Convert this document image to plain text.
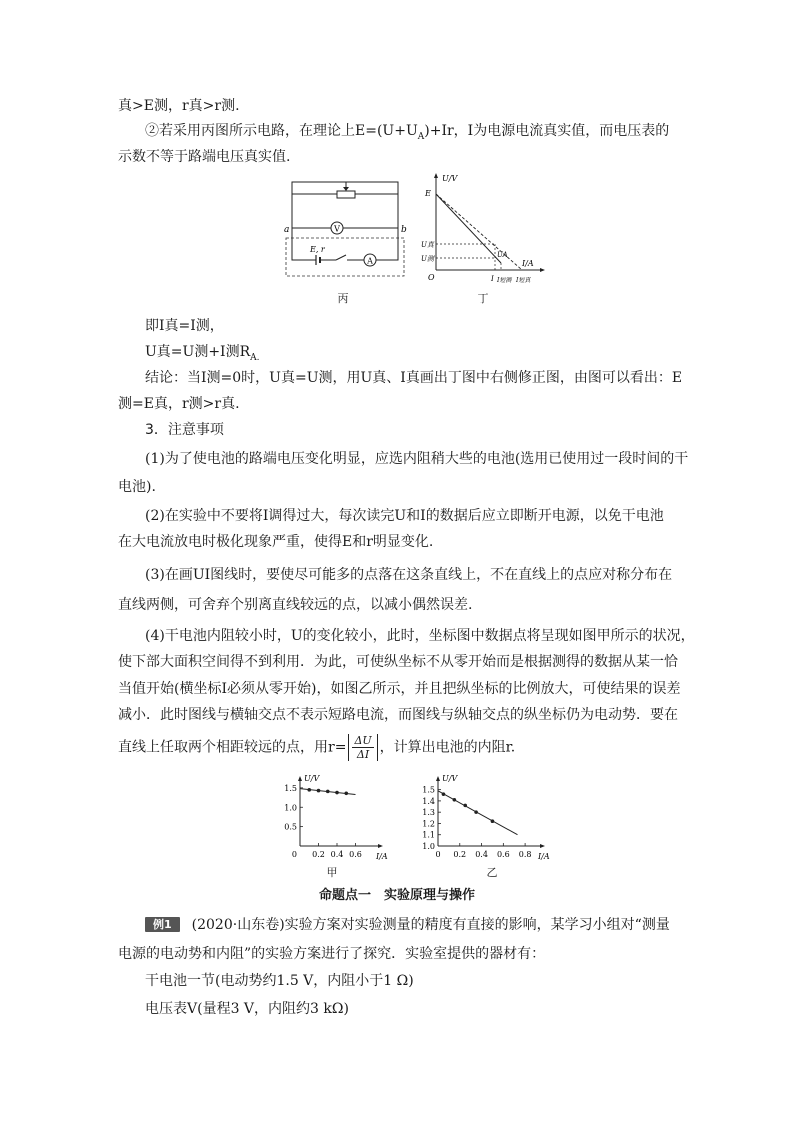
真>E测，r真>r测.
②若采用丙图所示电路，在理论上$E=(U+U_A)+Ir$，I为电源电流真实值，而电压表的
示数不等于路端电压真实值.
V
a	b
E, r
A
丙
U/V
I/A
E
O
U真
U测	UA
I I短测 I短真
丁
即I真=I测，
U真=U测+I测$R_{A.}$
结论：当I测=0时，U真=U测，用U真、I真画出丁图中右侧修正图，由图可以看出：E
测=E真，r测>r真.
3．注意事项
(1)为了使电池的路端电压变化明显，应选内阻稍大些的电池(选用已使用过一段时间的干
电池).
(2)在实验中不要将I调得过大，每次读完U和I的数据后应立即断开电源，以免干电池
在大电流放电时极化现象严重，使得E和r明显变化.
(3)在画UI图线时，要使尽可能多的点落在这条直线上，不在直线上的点应对称分布在
直线两侧，可舍弃个别离直线较远的点，以减小偶然误差.
(4)干电池内阻较小时，U的变化较小，此时，坐标图中数据点将呈现如图甲所示的状况，
使下部大面积空间得不到利用．为此，可使纵坐标不从零开始而是根据测得的数据从某一恰
当值开始(横坐标I必须从零开始)，如图乙所示，并且把纵坐标的比例放大，可使结果的误差
减小．此时图线与横轴交点不表示短路电流，而图线与纵轴交点的纵坐标仍为电动势．要在
直线上任取两个相距较远的点，用$r= \frac{\Delta U}{\Delta I}$ ，计算出电池的内阻r.
U/V
I/A
1.5
1.0
0.5
0.2 0.4 0.6
0
甲
U/V
I/A
1.5
1.4
1.3
1.2
1.1
1.0
0 0.2 0.4 0.6 0.8
乙
命题点一　实验原理与操作
例1 (2020·山东卷)实验方案对实验测量的精度有直接的影响，某学习小组对“测量
电源的电动势和内阻”的实验方案进行了探究．实验室提供的器材有：
干电池一节(电动势约1.5 V，内阻小于1 Ω)
电压表V(量程3 V，内阻约3 kΩ)
